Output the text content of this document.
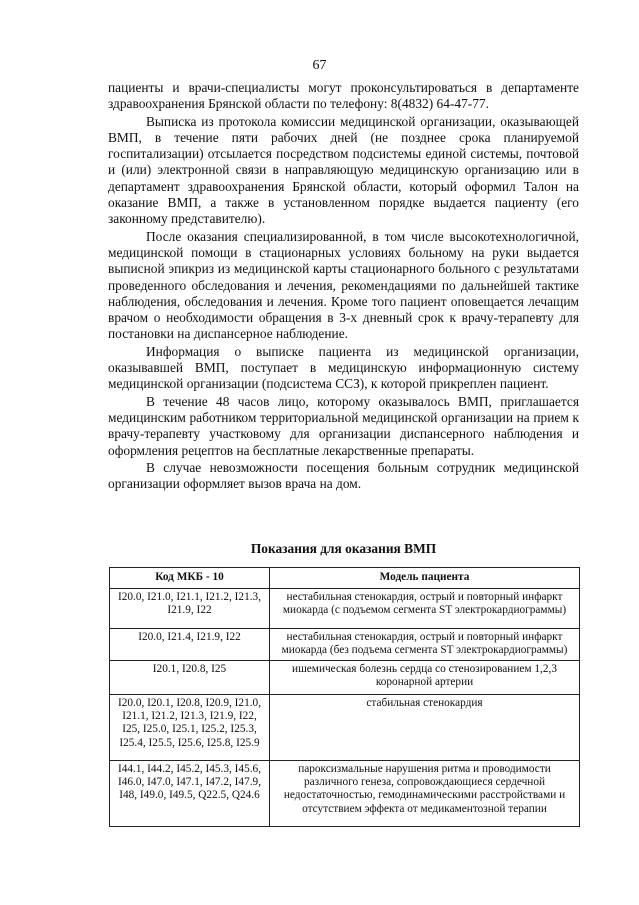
67

пациенты и врачи-специалисты могут проконсультироваться в департаменте здравоохранения Брянской области по телефону: 8(4832) 64-47-77.

Выписка из протокола комиссии медицинской организации, оказывающей ВМП, в течение пяти рабочих дней (не позднее срока планируемой госпитализации) отсылается посредством подсистемы единой системы, почтовой и (или) электронной связи в направляющую медицинскую организацию или в департамент здравоохранения Брянской области, который оформил Талон на оказание ВМП, а также в установленном порядке выдается пациенту (его законному представителю).

После оказания специализированной, в том числе высокотехнологичной, медицинской помощи в стационарных условиях больному на руки выдается выписной эпикриз из медицинской карты стационарного больного с результатами проведенного обследования и лечения, рекомендациями по дальнейшей тактике наблюдения, обследования и лечения. Кроме того пациент оповещается лечащим врачом о необходимости обращения в 3-х дневный срок к врачу-терапевту для постановки на диспансерное наблюдение.

Информация о выписке пациента из медицинской организации, оказывавшей ВМП, поступает в медицинскую информационную систему медицинской организации (подсистема ССЗ), к которой прикреплен пациент.

В течение 48 часов лицо, которому оказывалось ВМП, приглашается медицинским работником территориальной медицинской организации на прием к врачу-терапевту участковому для организации диспансерного наблюдения и оформления рецептов на бесплатные лекарственные препараты.

В случае невозможности посещения больным сотрудник медицинской организации оформляет вызов врача на дом.

Показания для оказания ВМП
Код МКБ - 10	Модель пациента
I20.0, I21.0, I21.1, I21.2, I21.3, I21.9, I22	нестабильная стенокардия, острый и повторный инфаркт миокарда (с подъемом сегмента ST электрокардиограммы)
I20.0, I21.4, I21.9, I22	нестабильная стенокардия, острый и повторный инфаркт миокарда (без подъема сегмента ST электрокардиограммы)
I20.1, I20.8, I25	ишемическая болезнь сердца со стенозированием 1,2,3 коронарной артерии
I20.0, I20.1, I20.8, I20.9, I21.0, I21.1, I21.2, I21.3, I21.9, I22, I25, I25.0, I25.1, I25.2, I25.3, I25.4, I25.5, I25.6, I25.8, I25.9	стабильная стенокардия
I44.1, I44.2, I45.2, I45.3, I45.6, I46.0, I47.0, I47.1, I47.2, I47.9, I48, I49.0, I49.5, Q22.5, Q24.6	пароксизмальные нарушения ритма и проводимости различного генеза, сопровождающиеся сердечной недостаточностью, гемодинамическими расстройствами и отсутствием эффекта от медикаментозной терапии
